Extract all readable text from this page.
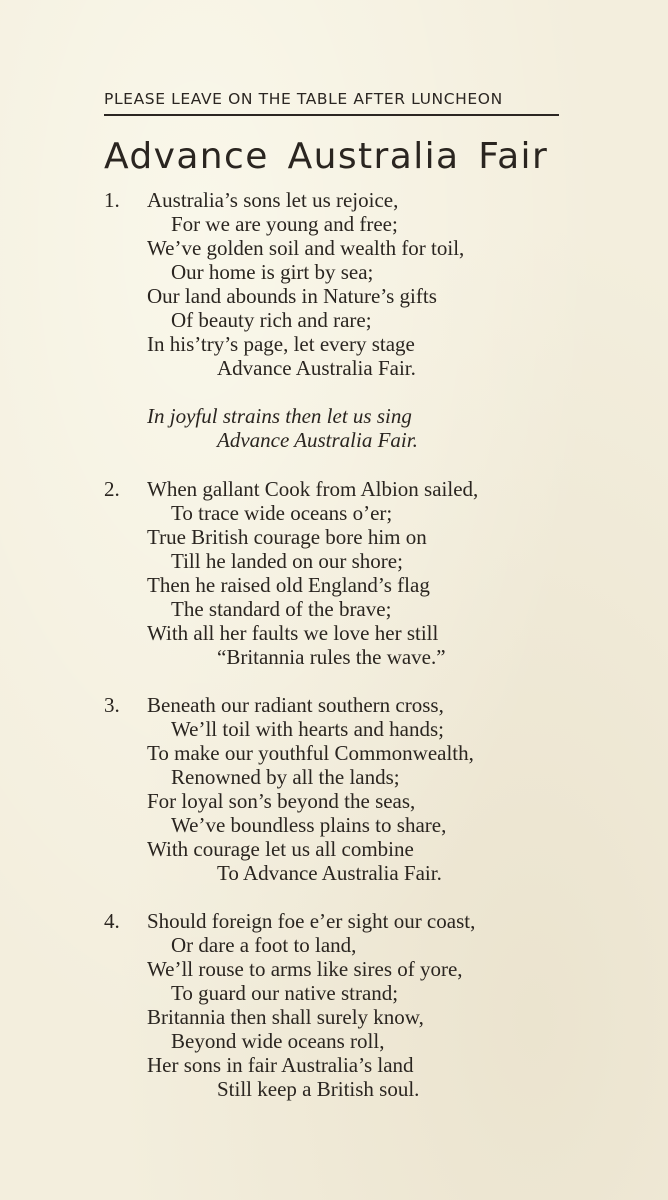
PLEASE LEAVE ON THE TABLE AFTER LUNCHEON
Advance Australia Fair
1.	Australia’s sons let us rejoice,
For we are young and free;
We’ve golden soil and wealth for toil,
Our home is girt by sea;
Our land abounds in Nature’s gifts
Of beauty rich and rare;
In his’try’s page, let every stage
Advance Australia Fair.
In joyful strains then let us sing
Advance Australia Fair.
2.	When gallant Cook from Albion sailed,
To trace wide oceans o’er;
True British courage bore him on
Till he landed on our shore;
Then he raised old England’s flag
The standard of the brave;
With all her faults we love her still
“Britannia rules the wave.”
3.	Beneath our radiant southern cross,
We’ll toil with hearts and hands;
To make our youthful Commonwealth,
Renowned by all the lands;
For loyal son’s beyond the seas,
We’ve boundless plains to share,
With courage let us all combine
To Advance Australia Fair.
4.	Should foreign foe e’er sight our coast,
Or dare a foot to land,
We’ll rouse to arms like sires of yore,
To guard our native strand;
Britannia then shall surely know,
Beyond wide oceans roll,
Her sons in fair Australia’s land
Still keep a British soul.
